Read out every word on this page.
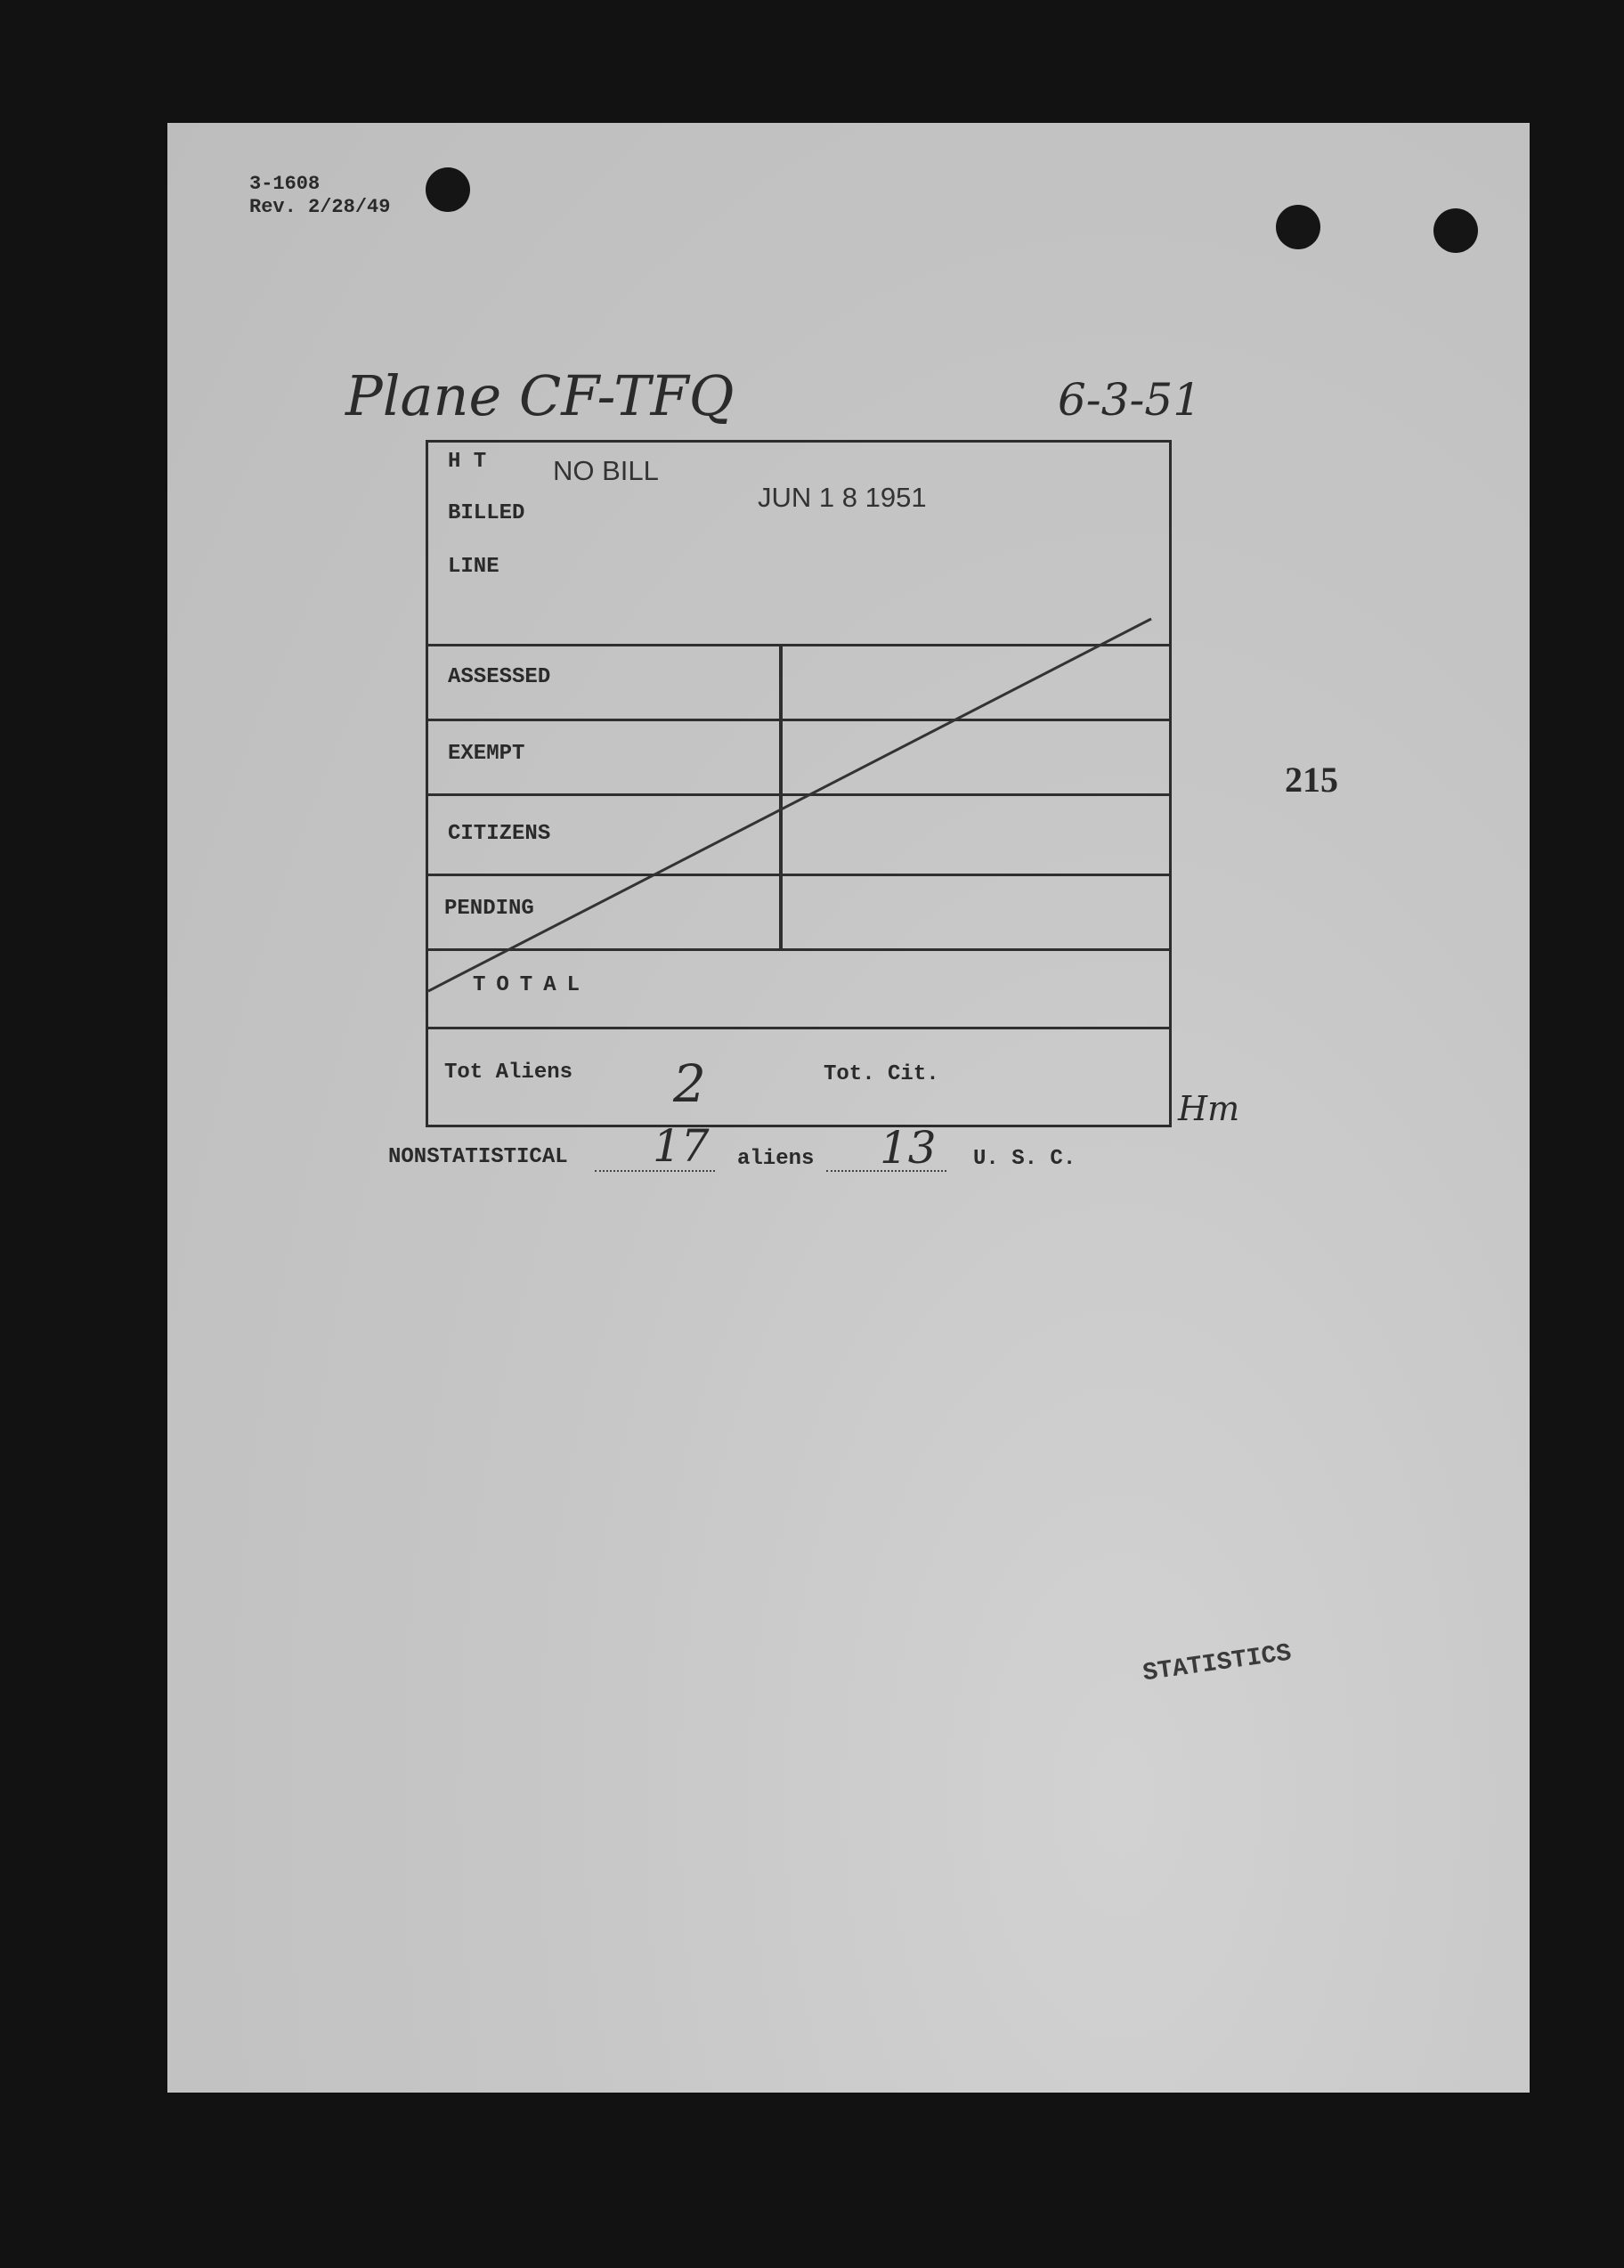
3-1608
Rev. 2/28/49
Plane CF-TFQ	6-3-51
215
NO BILL
JUN 1 8 1951
H T
BILLED
LINE
ASSESSED
EXEMPT
CITIZENS
PENDING
TOTAL
Tot Aliens 2	Tot. Cit.
Hm
NONSTATISTICAL 17 aliens 13 U. S. C.
STATISTICS
